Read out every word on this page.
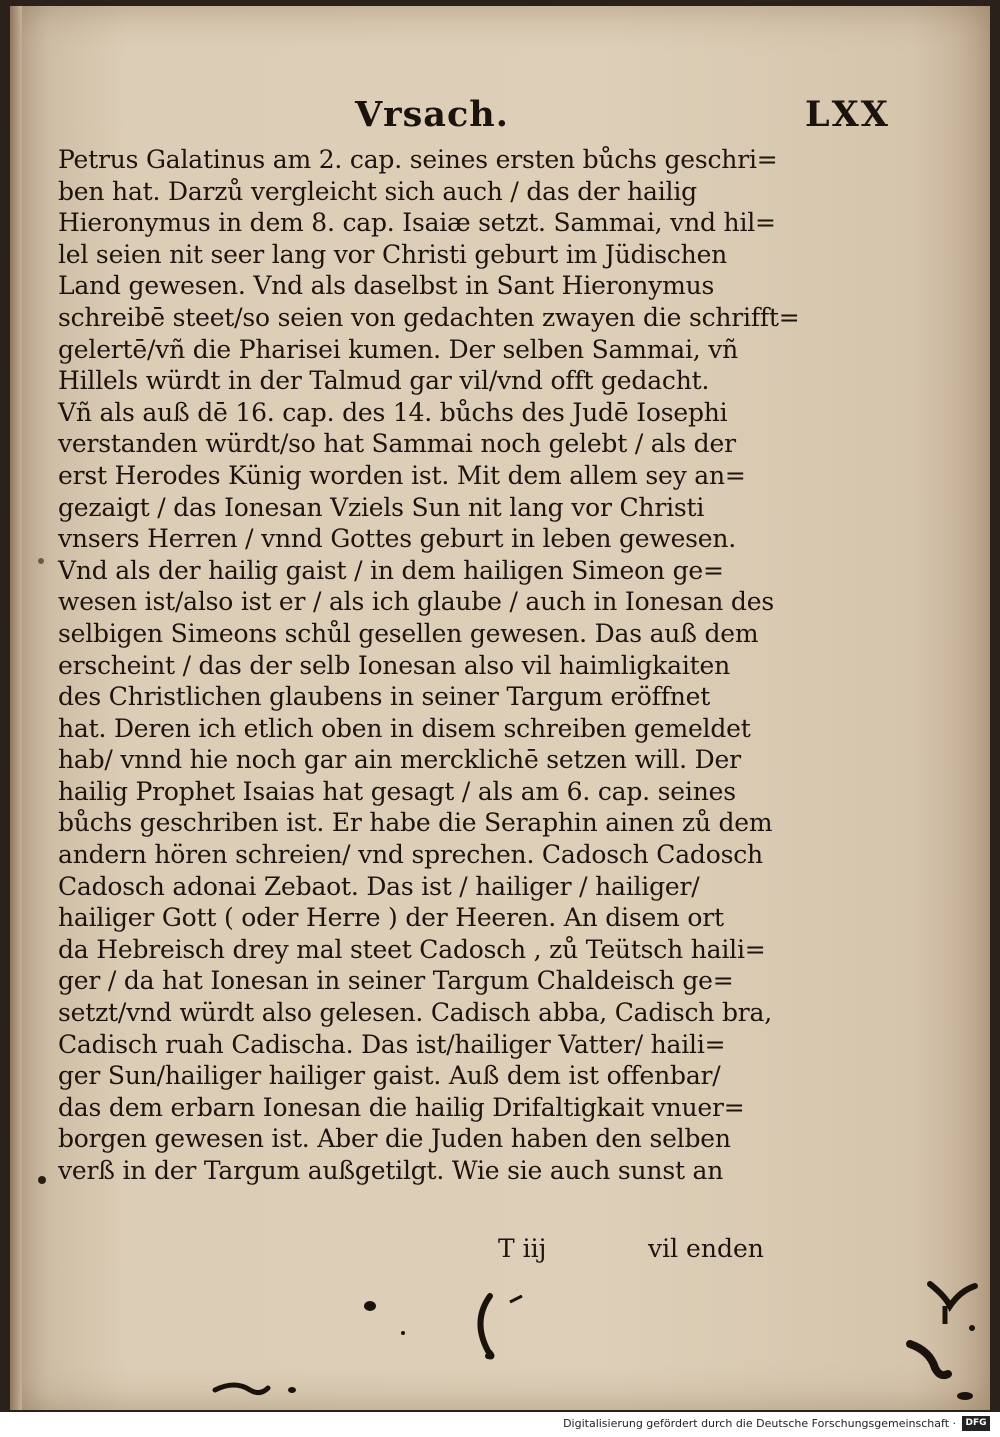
Vrsach.	LXX
Petrus Galatinus am 2. cap. seines ersten bůchs geschri=
ben hat. Darzů vergleicht sich auch / das der hailig
Hieronymus in dem 8. cap. Isaiæ setzt. Sammai, vnd hil=
lel seien nit seer lang vor Christi geburt im Jüdischen
Land gewesen. Vnd als daselbst in Sant Hieronymus
schreibē steet/so seien von gedachten zwayen die schrifft=
gelertē/vñ die Pharisei kumen. Der selben Sammai, vñ
Hillels würdt in der Talmud gar vil/vnd offt gedacht.
Vñ als auß dē 16. cap. des 14. bůchs des Judē Iosephi
verstanden würdt/so hat Sammai noch gelebt / als der
erst Herodes Künig worden ist. Mit dem allem sey an=
gezaigt / das Ionesan Vziels Sun nit lang vor Christi
vnsers Herren / vnnd Gottes geburt in leben gewesen.
Vnd als der hailig gaist / in dem hailigen Simeon ge=
wesen ist/also ist er / als ich glaube / auch in Ionesan des
selbigen Simeons schůl gesellen gewesen. Das auß dem
erscheint / das der selb Ionesan also vil haimligkaiten
des Christlichen glaubens in seiner Targum eröffnet
hat. Deren ich etlich oben in disem schreiben gemeldet
hab/ vnnd hie noch gar ain mercklichē setzen will. Der
hailig Prophet Isaias hat gesagt / als am 6. cap. seines
bůchs geschriben ist. Er habe die Seraphin ainen zů dem
andern hören schreien/ vnd sprechen. Cadosch Cadosch
Cadosch adonai Zebaot. Das ist / hailiger / hailiger/
hailiger Gott ( oder Herre ) der Heeren. An disem ort
da Hebreisch drey mal steet Cadosch , zů Teütsch haili=
ger / da hat Ionesan in seiner Targum Chaldeisch ge=
setzt/vnd würdt also gelesen. Cadisch abba, Cadisch bra,
Cadisch ruah Cadischa. Das ist/hailiger Vatter/ haili=
ger Sun/hailiger hailiger gaist. Auß dem ist offenbar/
das dem erbarn Ionesan die hailig Drifaltigkait vnuer=
borgen gewesen ist. Aber die Juden haben den selben
verß in der Targum außgetilgt. Wie sie auch sunst an
T iij	vil enden
Digitalisierung gefördert durch die Deutsche Forschungsgemeinschaft ·	DFG
